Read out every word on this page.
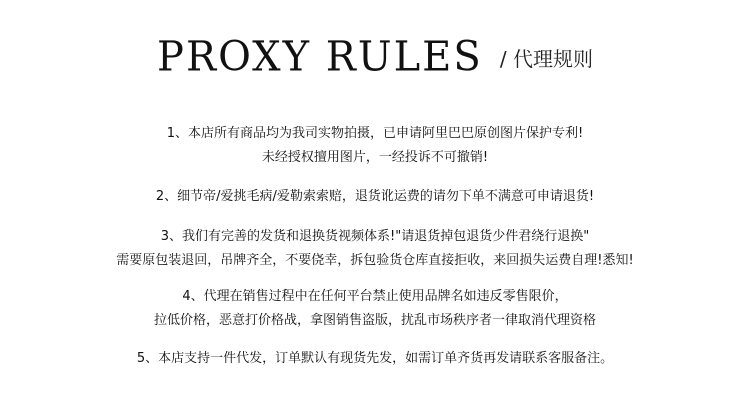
PROXY RULES / 代理规则
1、本店所有商品均为我司实物拍摄，已申请阿里巴巴原创图片保护专利!
未经授权擅用图片，一经投诉不可撤销!
2、细节帝/爱挑毛病/爱勒索索赔，退货讹运费的请勿下单不满意可申请退货!
3、我们有完善的发货和退换货视频体系!"请退货掉包退货少件君绕行退换"
需要原包装退回，吊牌齐全，不要侥幸，拆包验货仓库直接拒收，来回损失运费自理!悉知!
4、代理在销售过程中在任何平台禁止使用品牌名如违反零售限价，
拉低价格，恶意打价格战，拿图销售盗版，扰乱市场秩序者一律取消代理资格
5、本店支持一件代发，订单默认有现货先发，如需订单齐货再发请联系客服备注。
